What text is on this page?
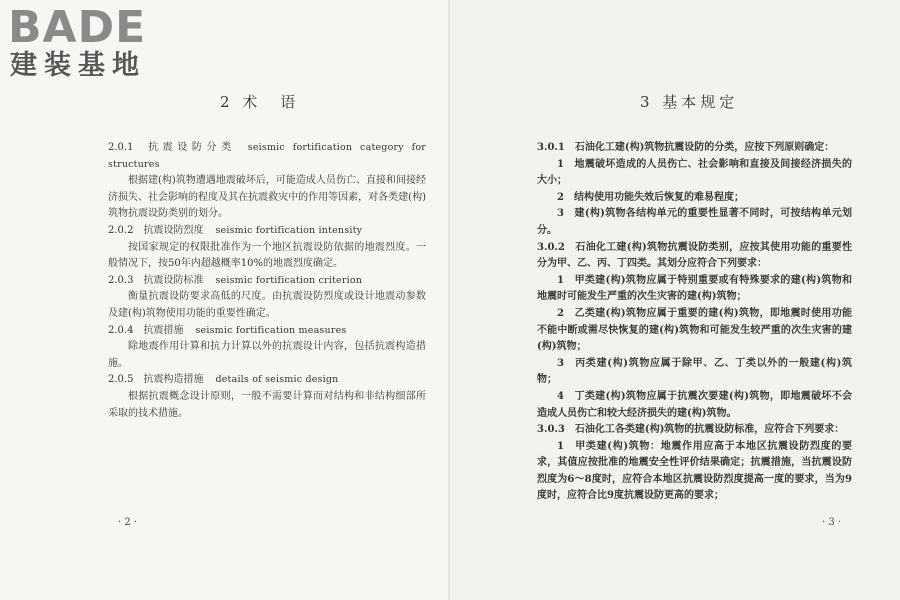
BADE
建装基地
2 术　语

2.0.1 抗震设防分类 seismic fortification category for structures

根据建(构)筑物遭遇地震破坏后，可能造成人员伤亡、直接和间接经济损失、社会影响的程度及其在抗震救灾中的作用等因素，对各类建(构)筑物抗震设防类别的划分。

2.0.2 抗震设防烈度 seismic fortification intensity

按国家规定的权限批准作为一个地区抗震设防依据的地震烈度。一般情况下，按50年内超越概率10%的地震烈度确定。

2.0.3 抗震设防标准 seismic fortification criterion

衡量抗震设防要求高低的尺度。由抗震设防烈度或设计地震动参数及建(构)筑物使用功能的重要性确定。

2.0.4 抗震措施 seismic fortification measures

除地震作用计算和抗力计算以外的抗震设计内容，包括抗震构造措施。

2.0.5 抗震构造措施 details of seismic design

根据抗震概念设计原则，一般不需要计算而对结构和非结构细部所采取的技术措施。

· 2 ·
3 基本规定

3.0.1　石油化工建(构)筑物抗震设防的分类，应按下列原则确定：

1　地震破坏造成的人员伤亡、社会影响和直接及间接经济损失的大小；

2　结构使用功能失效后恢复的难易程度；

3　建(构)筑物各结构单元的重要性显著不同时，可按结构单元划分。

3.0.2　石油化工建(构)筑物抗震设防类别，应按其使用功能的重要性分为甲、乙、丙、丁四类。其划分应符合下列要求：

1　甲类建(构)筑物应属于特别重要或有特殊要求的建(构)筑物和地震时可能发生严重的次生灾害的建(构)筑物；

2　乙类建(构)筑物应属于重要的建(构)筑物，即地震时使用功能不能中断或需尽快恢复的建(构)筑物和可能发生较严重的次生灾害的建(构)筑物；

3　丙类建(构)筑物应属于除甲、乙、丁类以外的一般建(构)筑物；

4　丁类建(构)筑物应属于抗震次要建(构)筑物，即地震破坏不会造成人员伤亡和较大经济损失的建(构)筑物。

3.0.3　石油化工各类建(构)筑物的抗震设防标准，应符合下列要求：

1　甲类建(构)筑物：地震作用应高于本地区抗震设防烈度的要求，其值应按批准的地震安全性评价结果确定；抗震措施，当抗震设防烈度为6～8度时，应符合本地区抗震设防烈度提高一度的要求，当为9度时，应符合比9度抗震设防更高的要求；

· 3 ·
